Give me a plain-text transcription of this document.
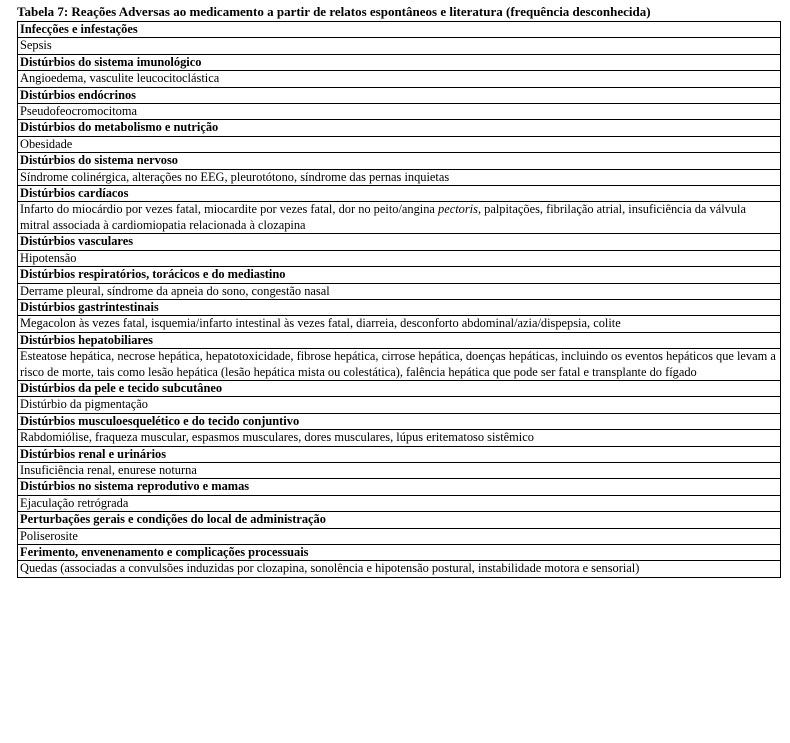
Tabela 7: Reações Adversas ao medicamento a partir de relatos espontâneos e literatura (frequência desconhecida)
Infecções e infestações
Sepsis
Distúrbios do sistema imunológico
Angioedema, vasculite leucocitoclástica
Distúrbios endócrinos
Pseudofeocromocitoma
Distúrbios do metabolismo e nutrição
Obesidade
Distúrbios do sistema nervoso
Síndrome colinérgica, alterações no EEG, pleurotótono, síndrome das pernas inquietas
Distúrbios cardíacos
Infarto do miocárdio por vezes fatal, miocardite por vezes fatal, dor no peito/angina pectoris, palpitações, fibrilação atrial, insuficiência da válvula mitral associada à cardiomiopatia relacionada à clozapina
Distúrbios vasculares
Hipotensão
Distúrbios respiratórios, torácicos e do mediastino
Derrame pleural, síndrome da apneia do sono, congestão nasal
Distúrbios gastrintestinais
Megacolon às vezes fatal, isquemia/infarto intestinal às vezes fatal, diarreia, desconforto abdominal/azia/dispepsia, colite
Distúrbios hepatobiliares
Esteatose hepática, necrose hepática, hepatotoxicidade, fibrose hepática, cirrose hepática, doenças hepáticas, incluindo os eventos hepáticos que levam a risco de morte, tais como lesão hepática (lesão hepática mista ou colestática), falência hepática que pode ser fatal e transplante do fígado
Distúrbios da pele e tecido subcutâneo
Distúrbio da pigmentação
Distúrbios musculoesquelético e do tecido conjuntivo
Rabdomiólise, fraqueza muscular, espasmos musculares, dores musculares, lúpus eritematoso sistêmico
Distúrbios renal e urinários
Insuficiência renal, enurese noturna
Distúrbios no sistema reprodutivo e mamas
Ejaculação retrógrada
Perturbações gerais e condições do local de administração
Poliserosite
Ferimento, envenenamento e complicações processuais
Quedas (associadas a convulsões induzidas por clozapina, sonolência e hipotensão postural, instabilidade motora e sensorial)
